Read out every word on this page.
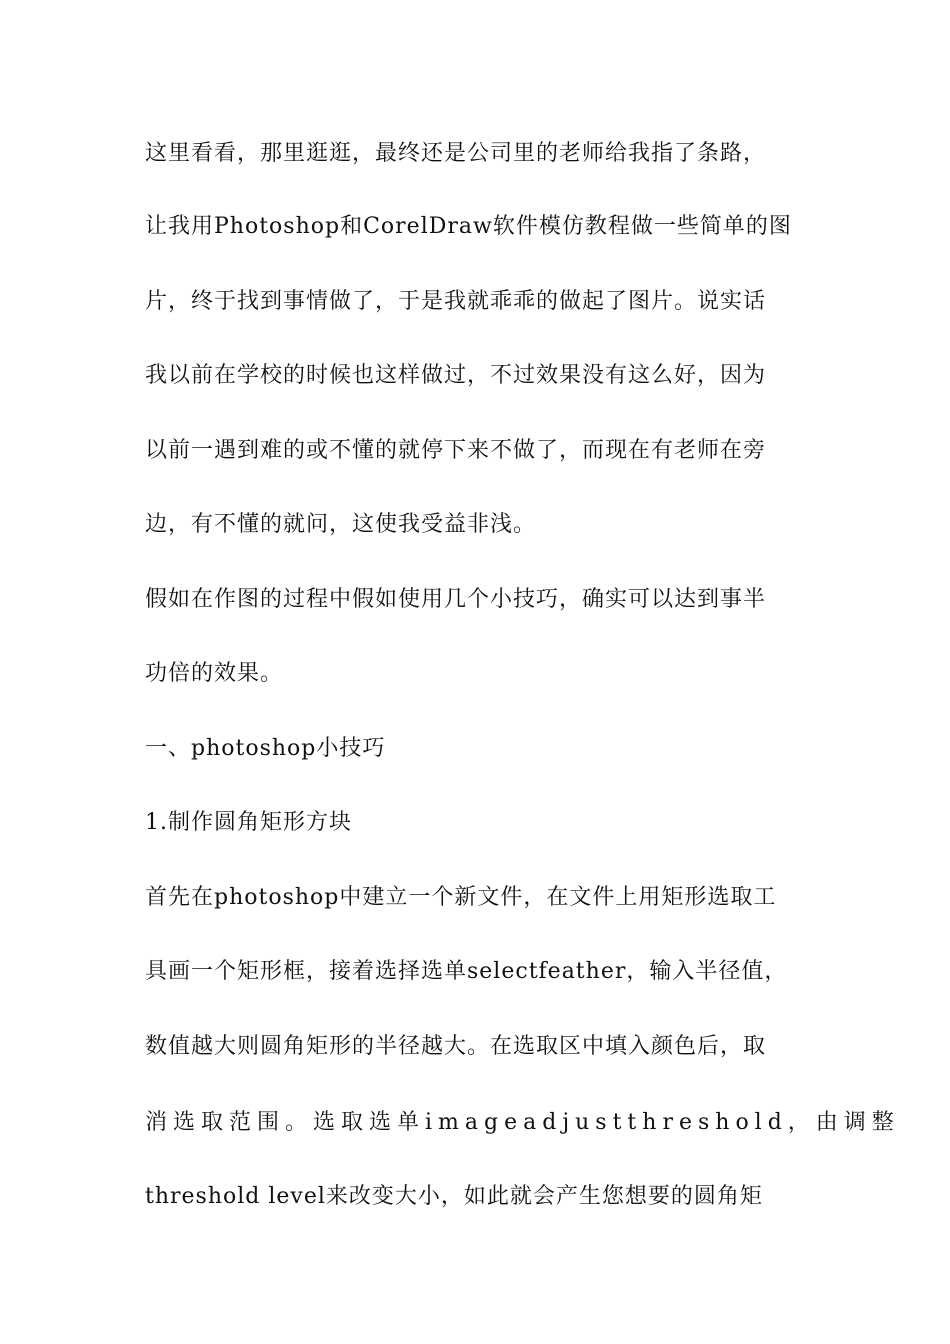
这里看看，那里逛逛，最终还是公司里的老师给我指了条路，
让我用Photoshop和CorelDraw软件模仿教程做一些简单的图
片，终于找到事情做了，于是我就乖乖的做起了图片。说实话
我以前在学校的时候也这样做过，不过效果没有这么好，因为
以前一遇到难的或不懂的就停下来不做了，而现在有老师在旁
边，有不懂的就问，这使我受益非浅。
假如在作图的过程中假如使用几个小技巧，确实可以达到事半
功倍的效果。
一、photoshop小技巧
1.制作圆角矩形方块
首先在photoshop中建立一个新文件，在文件上用矩形选取工
具画一个矩形框，接着选择选单selectfeather，输入半径值，
数值越大则圆角矩形的半径越大。在选取区中填入颜色后，取
消选取范围。选取选单imageadjustthreshold，由调整
threshold level来改变大小，如此就会产生您想要的圆角矩
